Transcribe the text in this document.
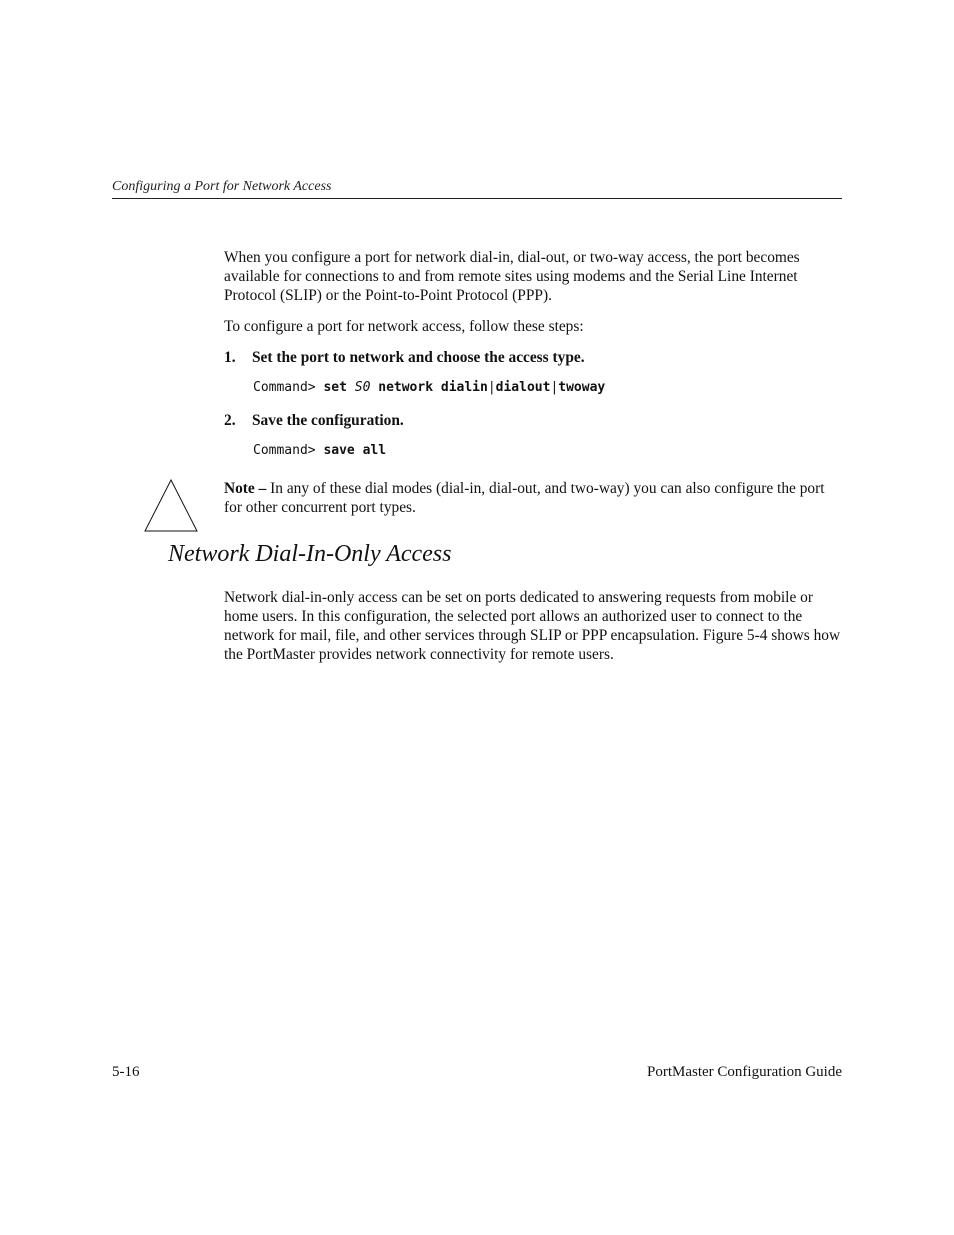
Configuring a Port for Network Access

When you configure a port for network dial-in, dial-out, or two-way access, the port becomes available for connections to and from remote sites using modems and the Serial Line Internet Protocol (SLIP) or the Point-to-Point Protocol (PPP).

To configure a port for network access, follow these steps:

1. Set the port to network and choose the access type.
Command> set S0 network dialin|dialout|twoway
2. Save the configuration.
Command> save all

Note – In any of these dial modes (dial-in, dial-out, and two-way) you can also configure the port for other concurrent port types.

Network Dial-In-Only Access

Network dial-in-only access can be set on ports dedicated to answering requests from mobile or home users. In this configuration, the selected port allows an authorized user to connect to the network for mail, file, and other services through SLIP or PPP encapsulation. Figure 5-4 shows how the PortMaster provides network connectivity for remote users.

5-16	PortMaster Configuration Guide
